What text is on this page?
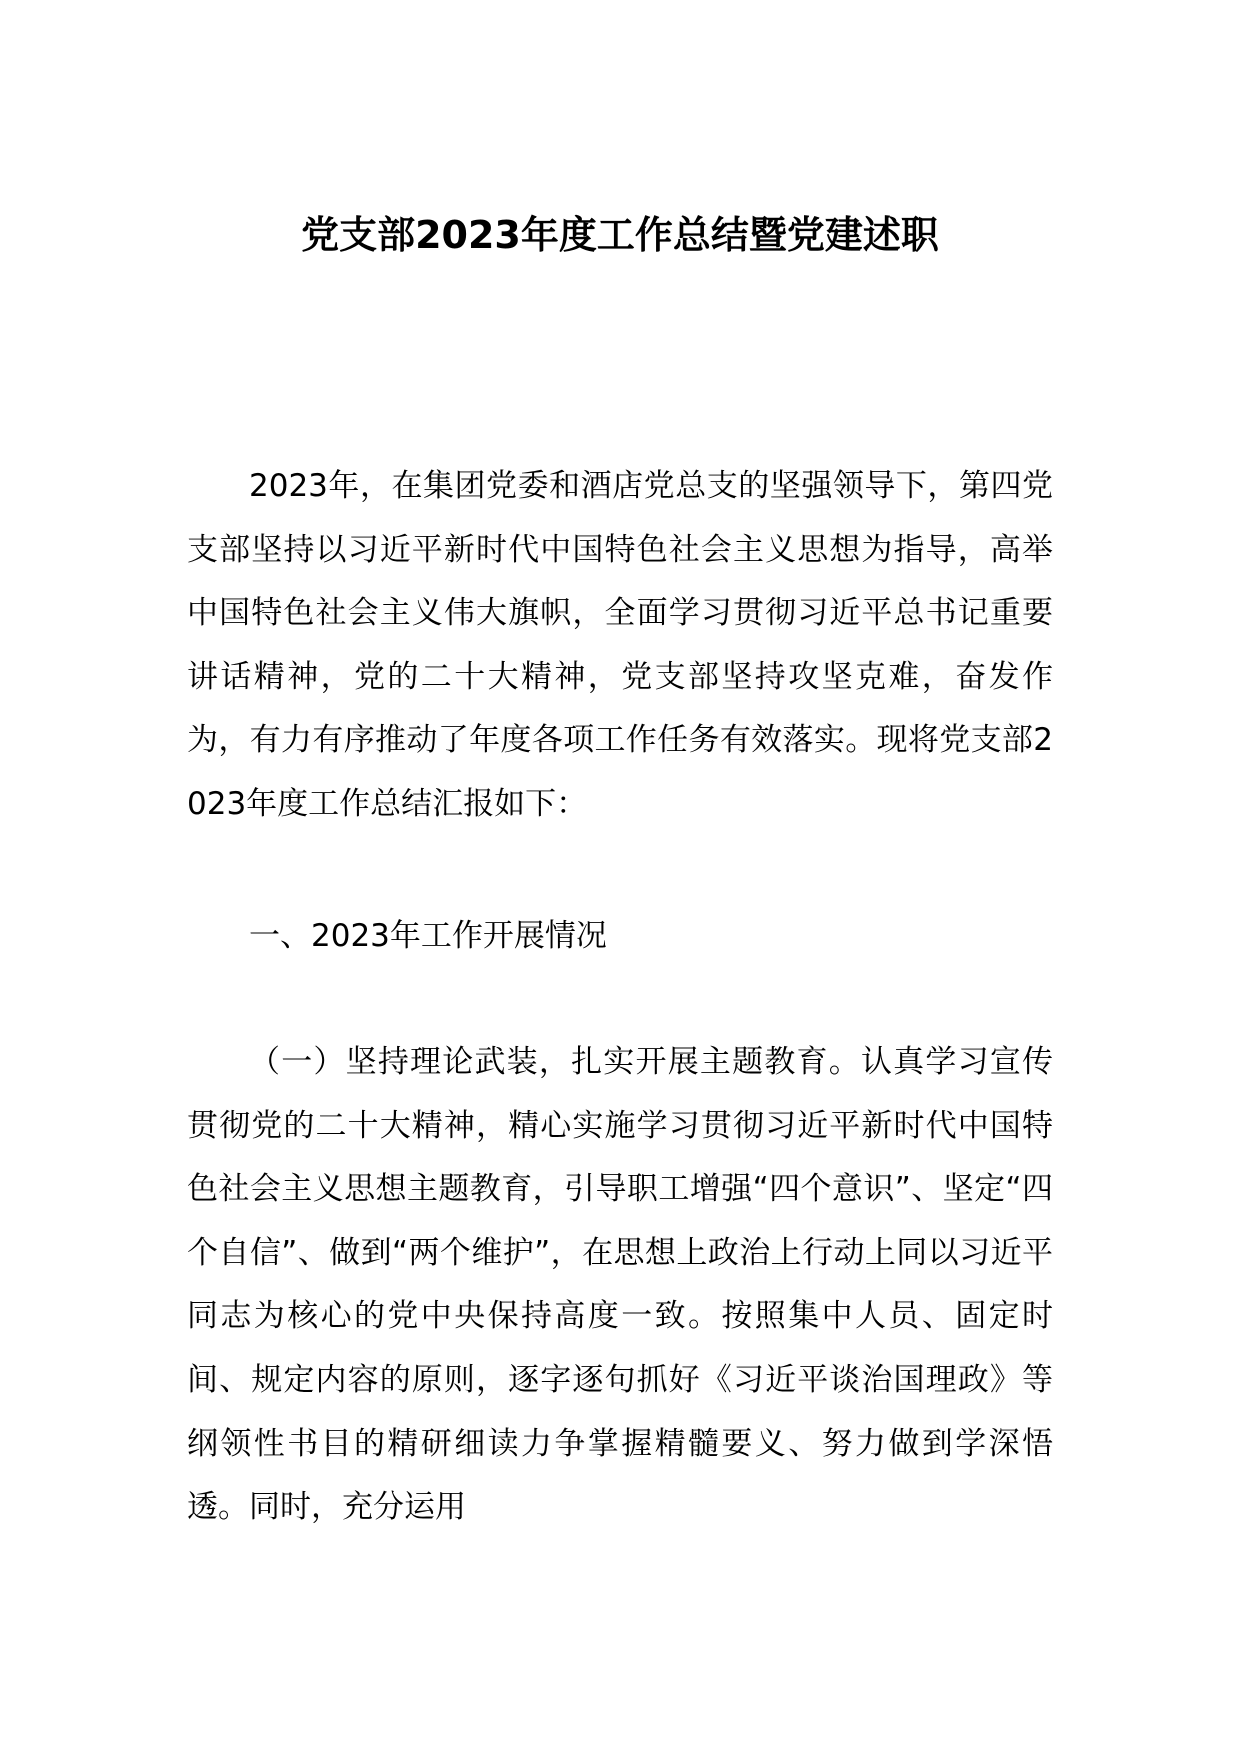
党支部2023年度工作总结暨党建述职

2023年，在集团党委和酒店党总支的坚强领导下，第四党支部坚持以习近平新时代中国特色社会主义思想为指导，高举中国特色社会主义伟大旗帜，全面学习贯彻习近平总书记重要讲话精神，党的二十大精神，党支部坚持攻坚克难，奋发作为，有力有序推动了年度各项工作任务有效落实。现将党支部2023年度工作总结汇报如下：

一、2023年工作开展情况

（一）坚持理论武装，扎实开展主题教育。认真学习宣传贯彻党的二十大精神，精心实施学习贯彻习近平新时代中国特色社会主义思想主题教育，引导职工增强“四个意识”、坚定“四个自信”、做到“两个维护”，在思想上政治上行动上同以习近平同志为核心的党中央保持高度一致。按照集中人员、固定时间、规定内容的原则，逐字逐句抓好《习近平谈治国理政》等纲领性书目的精研细读力争掌握精髓要义、努力做到学深悟透。同时，充分运用
